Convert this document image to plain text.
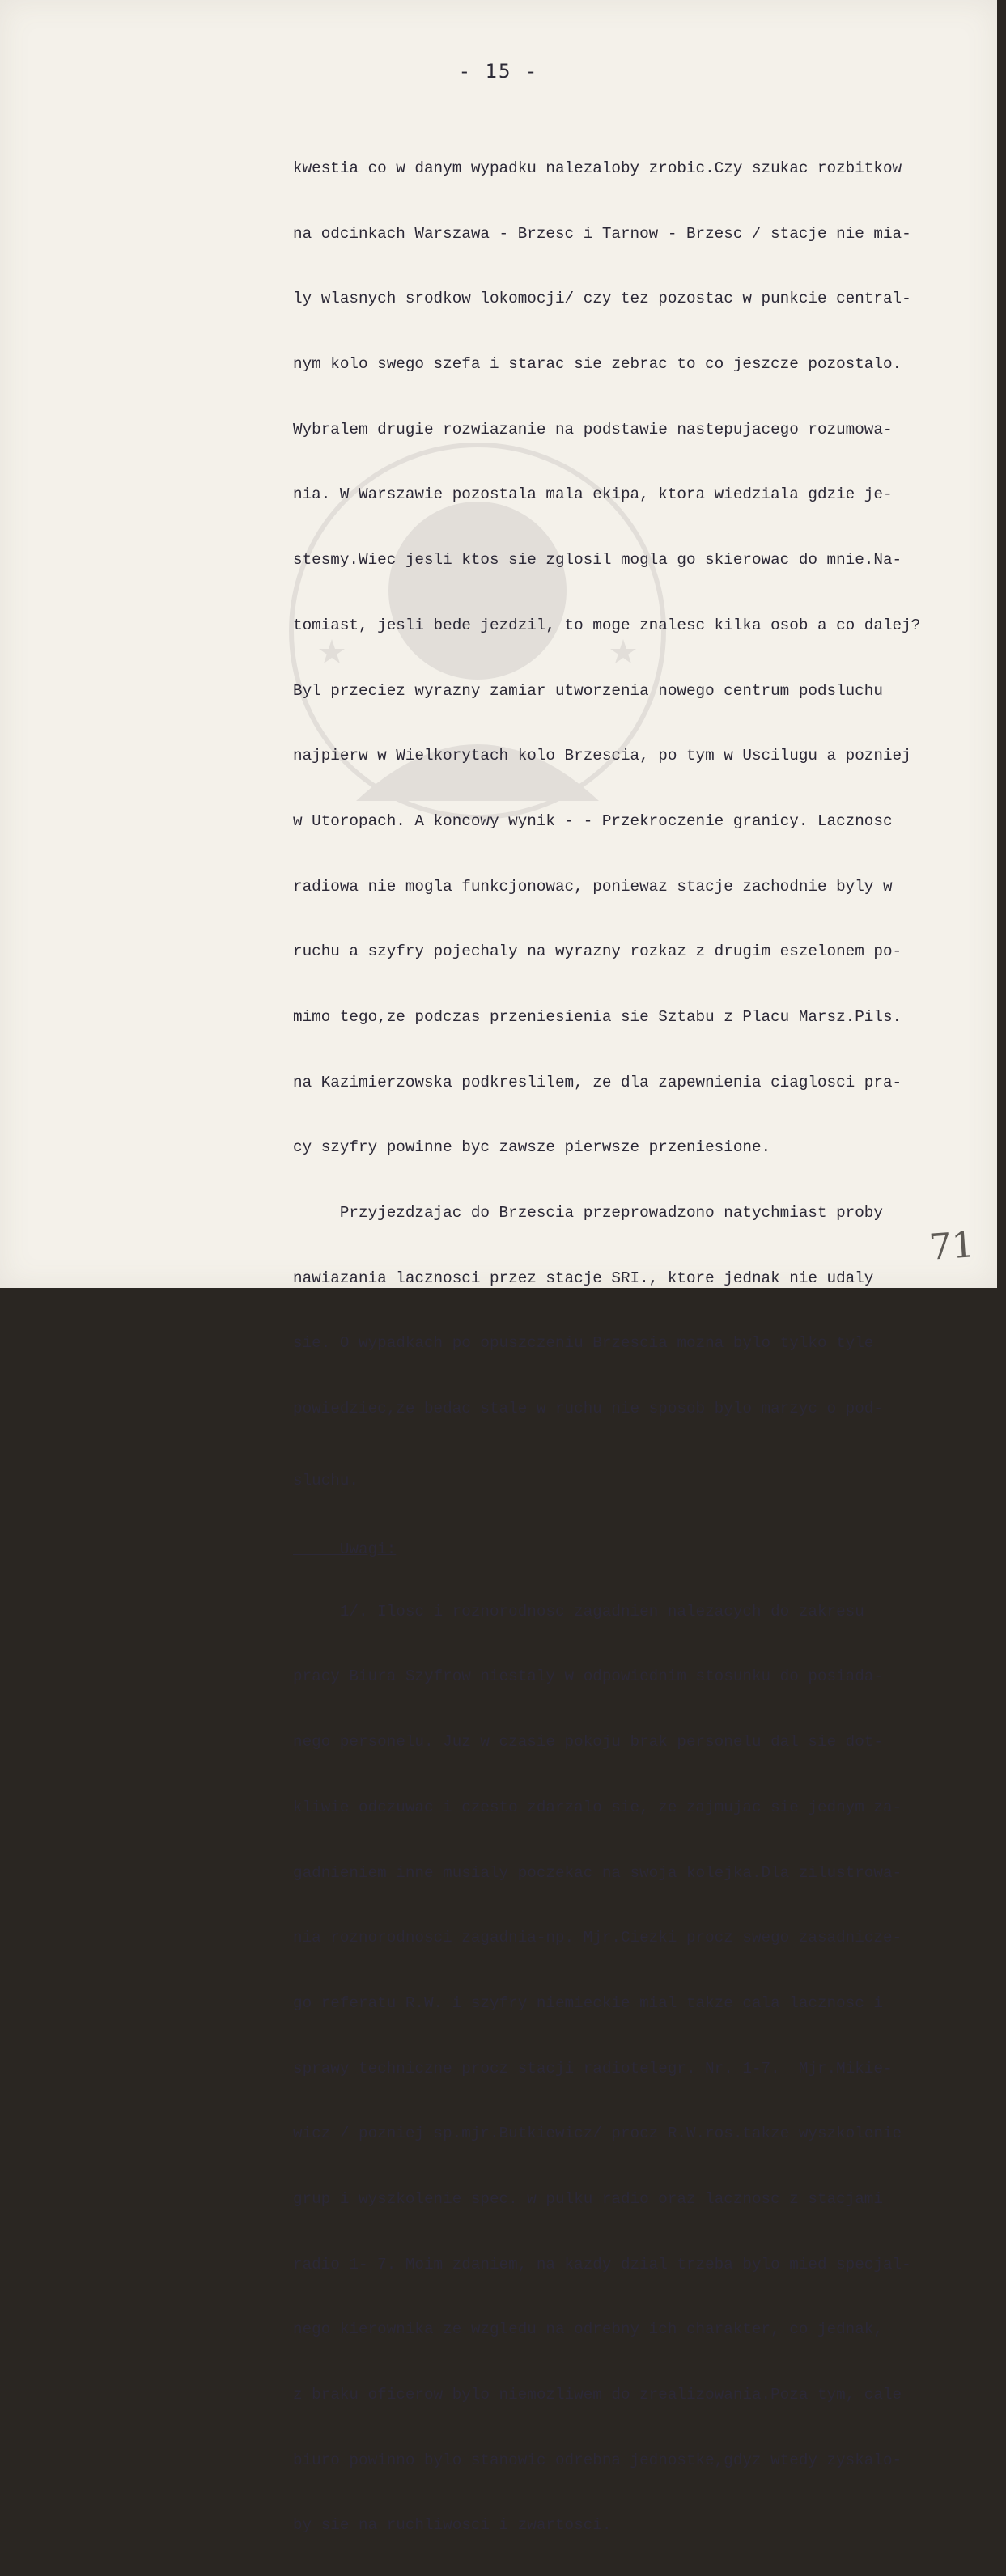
- 15 -

kwestia co w danym wypadku nalezaloby zrobic.Czy szukac rozbitkow

na odcinkach Warszawa - Brzesc i Tarnow - Brzesc / stacje nie mia-

ly wlasnych srodkow lokomocji/ czy tez pozostac w punkcie central-

nym kolo swego szefa i starac sie zebrac to co jeszcze pozostalo.

Wybralem drugie rozwiazanie na podstawie nastepujacego rozumowa-

nia. W Warszawie pozostala mala ekipa, ktora wiedziala gdzie je-

stesmy.Wiec jesli ktos sie zglosil mogla go skierowac do mnie.Na-

tomiast, jesli bede jezdzil, to moge znalesc kilka osob a co dalej?

Byl przeciez wyrazny zamiar utworzenia nowego centrum podsluchu

najpierw w Wielkorytach kolo Brzescia, po tym w Uscilugu a pozniej

w Utoropach. A koncowy wynik - - Przekroczenie granicy. Lacznosc

radiowa nie mogla funkcjonowac, poniewaz stacje zachodnie byly w

ruchu a szyfry pojechaly na wyrazny rozkaz z drugim eszelonem po-

mimo tego,ze podczas przeniesienia sie Sztabu z Placu Marsz.Pils.

na Kazimierzowska podkreslilem, ze dla zapewnienia ciaglosci pra-

cy szyfry powinne byc zawsze pierwsze przeniesione.

Przyjezdzajac do Brzescia przeprowadzono natychmiast proby

nawiazania lacznosci przez stacje SRI., ktore jednak nie udaly

sie. O wypadkach po opuszczeniu Brzescia mozna bylo tylko tyle

powiedziec,ze bedac stale w ruchu nie sposob bylo marzyc o pod-

sluchu.

Uwagi:

1/. Ilosc i roznorodnosc zagadnien nalezacych do zakresu

pracy Biura Szyfrow niestaly w odpowiednim stosunku do posiada-

nego personelu. Juz w czasie pokoju brak personelu dal sie dot-

kliwie odczuwac i czesto zdarzalo sie, ze zajmujac sie jednym za-

gadnieniem inne musialy poczekac na swoja kolejka.Dla zilustrowa-

nia roznorodnosci zagadnia-np. Mjr.Ciezki procz swego zasadnicze-

go referatu R.W. i szyfry niemieckie mial takze cala lacznosc i

sprawy techniczne procz stacji radiotelegr. Nr. 1-7.  Mjr.Mikie-

wicz / pozniej sp.mjr.Butkiewicz/ procz R.W.ros.takze wyszkolenie

grup i wyszkolenie spec. w pulku radio oraz lacznosc z stacjami

radio 1- 7. Moim zdaniem, na kazdy dzial trzeba bylo mied specjal-

nego kierownika ze wzgledu na odrebny ich charakter, co jednak,

z braku oficerow bylo niemozliwem do zrealizowania.Poza tym, cale

biuro powinno bylo stanowic odrebna jednostke,gdyz wtedy zyskalo-

by sie na ruchliwosci i zwartosci.

71
